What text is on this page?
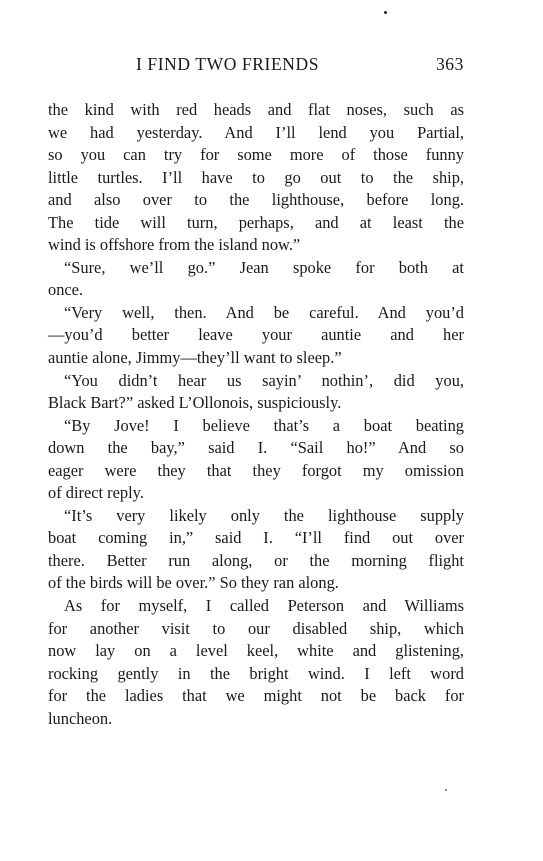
I FIND TWO FRIENDS	363
the kind with red heads and flat noses, such as
we had yesterday. And I’ll lend you Partial,
so you can try for some more of those funny
little turtles. I’ll have to go out to the ship,
and also over to the lighthouse, before long.
The tide will turn, perhaps, and at least the
wind is offshore from the island now.”
“Sure, we’ll go.” Jean spoke for both at
once.
“Very well, then. And be careful. And you’d
—you’d better leave your auntie and her
auntie alone, Jimmy—they’ll want to sleep.”
“You didn’t hear us sayin’ nothin’, did you,
Black Bart?” asked L’Ollonois, suspiciously.
“By Jove! I believe that’s a boat beating
down the bay,” said I. “Sail ho!” And so
eager were they that they forgot my omission
of direct reply.
“It’s very likely only the lighthouse supply
boat coming in,” said I. “I’ll find out over
there. Better run along, or the morning flight
of the birds will be over.” So they ran along.
As for myself, I called Peterson and Williams
for another visit to our disabled ship, which
now lay on a level keel, white and glistening,
rocking gently in the bright wind. I left word
for the ladies that we might not be back for
luncheon.
